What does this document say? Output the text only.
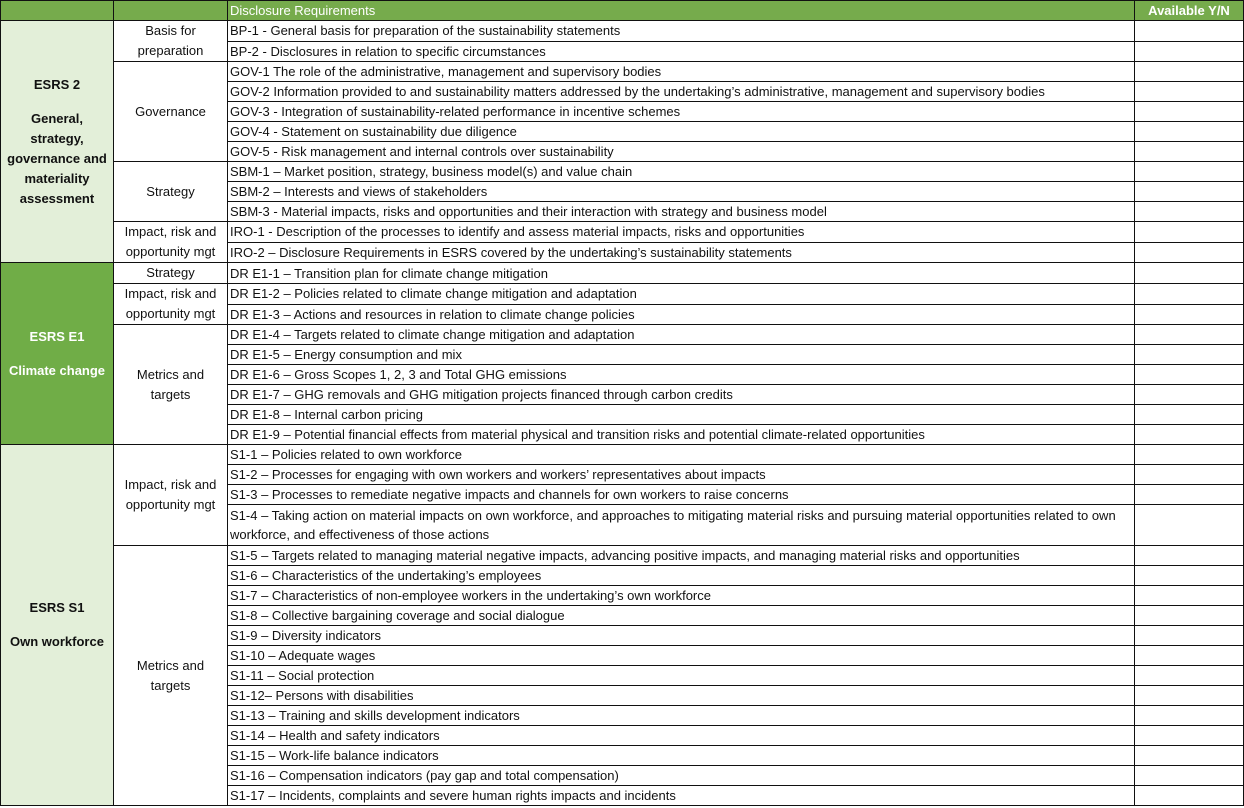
		Disclosure Requirements	Available Y/N

ESRS 2
General, strategy, governance and materiality assessment	Basis for preparation	BP-1 - General basis for preparation of the sustainability statements	
		BP-2 - Disclosures in relation to specific circumstances	
	Governance	GOV-1 The role of the administrative, management and supervisory bodies	
		GOV-2 Information provided to and sustainability matters addressed by the undertaking’s administrative, management and supervisory bodies	
		GOV-3 - Integration of sustainability-related performance in incentive schemes	
		GOV-4 - Statement on sustainability due diligence	
		GOV-5 - Risk management and internal controls over sustainability	
	Strategy	SBM-1 – Market position, strategy, business model(s) and value chain	
		SBM-2 – Interests and views of stakeholders	
		SBM-3 - Material impacts, risks and opportunities and their interaction with strategy and business model	
	Impact, risk and opportunity mgt	IRO-1 - Description of the processes to identify and assess material impacts, risks and opportunities	
		IRO-2 – Disclosure Requirements in ESRS covered by the undertaking’s sustainability statements	

ESRS E1
Climate change	Strategy	DR E1-1 – Transition plan for climate change mitigation	
	Impact, risk and opportunity mgt	DR E1-2 – Policies related to climate change mitigation and adaptation	
		DR E1-3 – Actions and resources in relation to climate change policies	
	Metrics and targets	DR E1-4 – Targets related to climate change mitigation and adaptation	
		DR E1-5 – Energy consumption and mix	
		DR E1-6 – Gross Scopes 1, 2, 3 and Total GHG emissions	
		DR E1-7 – GHG removals and GHG mitigation projects financed through carbon credits	
		DR E1-8 – Internal carbon pricing	
		DR E1-9 – Potential financial effects from material physical and transition risks and potential climate-related opportunities	

ESRS S1
Own workforce	Impact, risk and opportunity mgt	S1-1 – Policies related to own workforce	
		S1-2 – Processes for engaging with own workers and workers’ representatives about impacts	
		S1-3 – Processes to remediate negative impacts and channels for own workers to raise concerns	
		S1-4 – Taking action on material impacts on own workforce, and approaches to mitigating material risks and pursuing material opportunities related to own workforce, and effectiveness of those actions	
	Metrics and targets	S1-5 – Targets related to managing material negative impacts, advancing positive impacts, and managing material risks and opportunities	
		S1-6 – Characteristics of the undertaking’s employees	
		S1-7 – Characteristics of non-employee workers in the undertaking’s own workforce	
		S1-8 – Collective bargaining coverage and social dialogue	
		S1-9 – Diversity indicators	
		S1-10 – Adequate wages	
		S1-11 – Social protection	
		S1-12– Persons with disabilities	
		S1-13 – Training and skills development indicators	
		S1-14 – Health and safety indicators	
		S1-15 – Work-life balance indicators	
		S1-16 – Compensation indicators (pay gap and total compensation)	
		S1-17 – Incidents, complaints and severe human rights impacts and incidents	
